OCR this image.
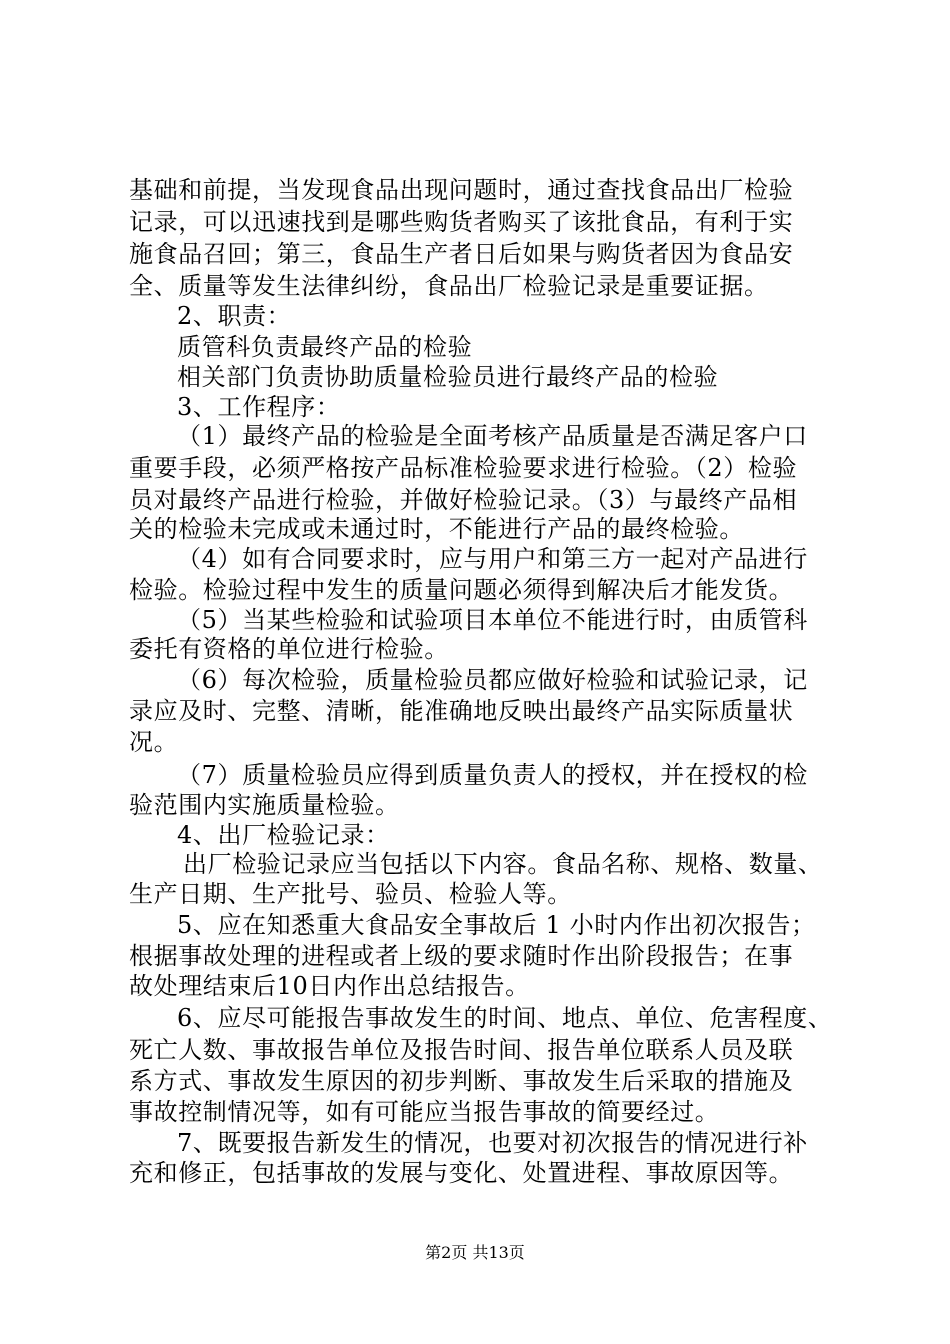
基础和前提，当发现食品出现问题时，通过查找食品出厂检验
记录，可以迅速找到是哪些购货者购买了该批食品，有利于实
施食品召回；第三，食品生产者日后如果与购货者因为食品安
全、质量等发生法律纠纷，食品出厂检验记录是重要证据。
2、职责：
质管科负责最终产品的检验
相关部门负责协助质量检验员进行最终产品的检验
3、工作程序：
（1）最终产品的检验是全面考核产品质量是否满足客户口
重要手段，必须严格按产品标准检验要求进行检验。（2）检验
员对最终产品进行检验，并做好检验记录。（3）与最终产品相
关的检验未完成或未通过时，不能进行产品的最终检验。
（4）如有合同要求时，应与用户和第三方一起对产品进行
检验。检验过程中发生的质量问题必须得到解决后才能发货。
（5）当某些检验和试验项目本单位不能进行时，由质管科
委托有资格的单位进行检验。
（6）每次检验，质量检验员都应做好检验和试验记录，记
录应及时、完整、清晰，能准确地反映出最终产品实际质量状
况。
（7）质量检验员应得到质量负责人的授权，并在授权的检
验范围内实施质量检验。
4、出厂检验记录：
出厂检验记录应当包括以下内容。食品名称、规格、数量、
生产日期、生产批号、验员、检验人等。
5、应在知悉重大食品安全事故后 1 小时内作出初次报告；
根据事故处理的进程或者上级的要求随时作出阶段报告；在事
故处理结束后10日内作出总结报告。
6、应尽可能报告事故发生的时间、地点、单位、危害程度、
死亡人数、事故报告单位及报告时间、报告单位联系人员及联
系方式、事故发生原因的初步判断、事故发生后采取的措施及
事故控制情况等，如有可能应当报告事故的简要经过。
7、既要报告新发生的情况，也要对初次报告的情况进行补
充和修正，包括事故的发展与变化、处置进程、事故原因等。
第2页 共13页
